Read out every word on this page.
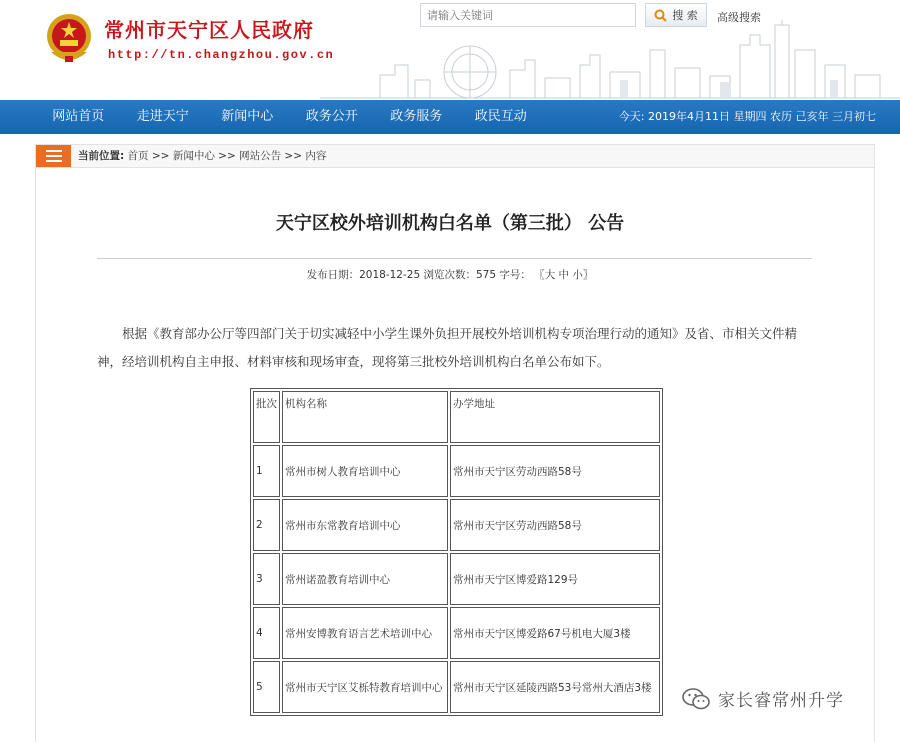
常州市天宁区人民政府
http://tn.changzhou.gov.cn
请输入关键词
搜 索 高级搜索
网站首页	走进天宁	新闻中心	政务公开	政务服务	政民互动	今天: 2019年4月11日 星期四 农历 己亥年 三月初七
当前位置: 首页 >> 新闻中心 >> 网站公告 >> 内容
天宁区校外培训机构白名单（第三批） 公告
发布日期：2018-12-25 浏览次数：575 字号： 〖大 中 小〗
根据《教育部办公厅等四部门关于切实减轻中小学生课外负担开展校外培训机构专项治理行动的通知》及省、市相关文件精神，经培训机构自主申报、材料审核和现场审查，现将第三批校外培训机构白名单公布如下。
批次	机构名称	办学地址
1	常州市树人教育培训中心	常州市天宁区劳动西路58号
2	常州市东常教育培训中心	常州市天宁区劳动西路58号
3	常州诺盈教育培训中心	常州市天宁区博爱路129号
4	常州安博教育语言艺术培训中心	常州市天宁区博爱路67号机电大厦3楼
5	常州市天宁区艾栎特教育培训中心	常州市天宁区延陵西路53号常州大酒店3楼
家长睿常州升学
